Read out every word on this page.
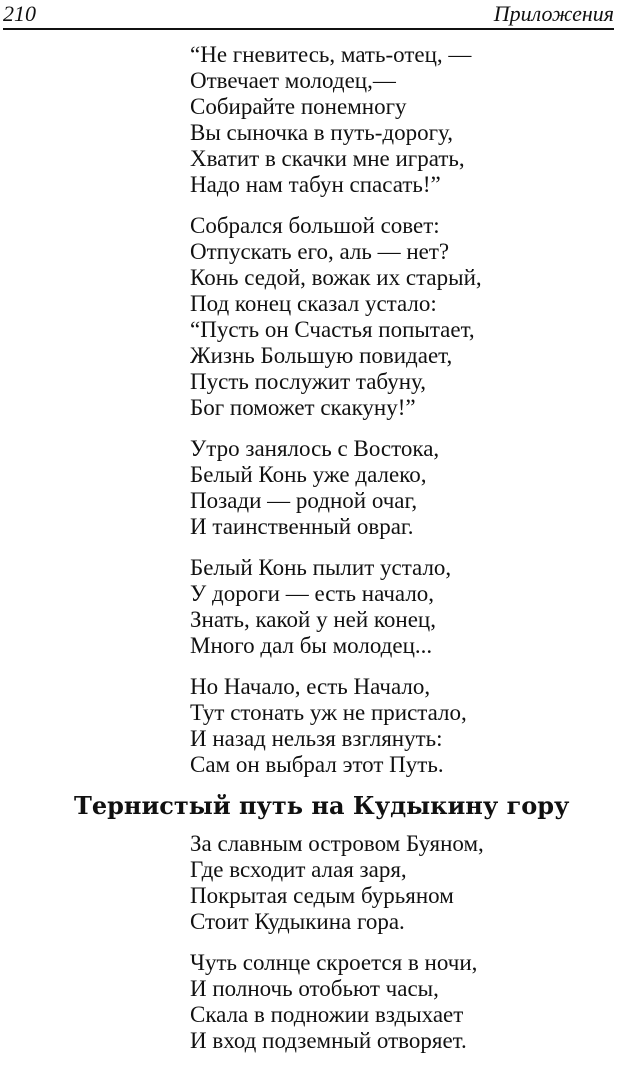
210	Приложения
“Не гневитесь, мать-отец, —
Отвечает молодец,—
Собирайте понемногу
Вы сыночка в путь-дорогу,
Хватит в скачки мне играть,
Надо нам табун спасать!”
Собрался большой совет:
Отпускать его, аль — нет?
Конь седой, вожак их старый,
Под конец сказал устало:
“Пусть он Счастья попытает,
Жизнь Большую повидает,
Пусть послужит табуну,
Бог поможет скакуну!”
Утро занялось с Востока,
Белый Конь уже далеко,
Позади — родной очаг,
И таинственный овраг.
Белый Конь пылит устало,
У дороги — есть начало,
Знать, какой у ней конец,
Много дал бы молодец...
Но Начало, есть Начало,
Тут стонать уж не пристало,
И назад нельзя взглянуть:
Сам он выбрал этот Путь.
Тернистый путь на Кудыкину гору
За славным островом Буяном,
Где всходит алая заря,
Покрытая седым бурьяном
Стоит Кудыкина гора.
Чуть солнце скроется в ночи,
И полночь отобьют часы,
Скала в подножии вздыхает
И вход подземный отворяет.
